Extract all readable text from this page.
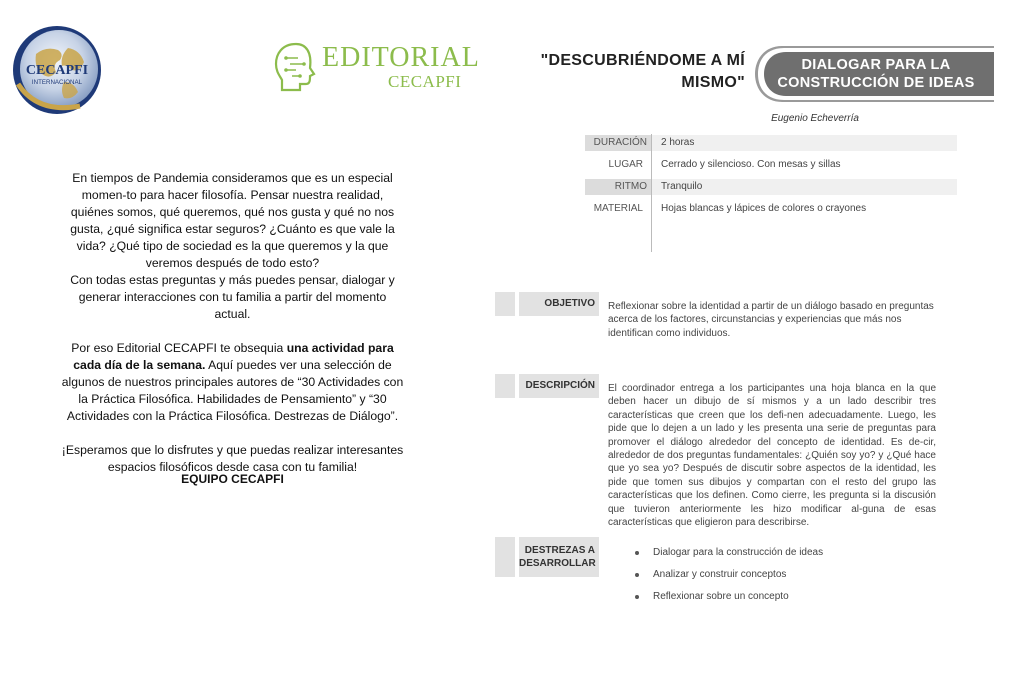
CECAPFI
INTERNACIONAL
EDITORIAL
CECAPFI

En tiempos de Pandemia consideramos que es un especial momen-to para hacer filosofía. Pensar nuestra realidad, quiénes somos, qué queremos, qué nos gusta y qué no nos gusta, ¿qué significa estar seguros? ¿Cuánto es que vale la vida? ¿Qué tipo de sociedad es la que queremos y la que veremos después de todo esto?

Con todas estas preguntas y más puedes pensar, dialogar y generar interacciones con tu familia a partir del momento actual.

Por eso Editorial CECAPFI te obsequia una actividad para cada día de la semana. Aquí puedes ver una selección de algunos de nuestros principales autores de “30 Actividades con la Práctica Filosófica. Habilidades de Pensamiento” y “30 Actividades con la Práctica Filosófica. Destrezas de Diálogo”.

¡Esperamos que lo disfrutes y que puedas realizar interesantes espacios filosóficos desde casa con tu familia!

EQUIPO CECAPFI
"DESCUBRIÉNDOME A MÍ
MISMO"
DIALOGAR PARA LA
CONSTRUCCIÓN DE IDEAS
Eugenio Echeverría
DURACIÓN	2 horas
LUGAR	Cerrado y silencioso. Con mesas y sillas
RITMO	Tranquilo
MATERIAL	Hojas blancas y lápices de colores o crayones
OBJETIVO	Reflexionar sobre la identidad a partir de un diálogo basado en preguntas acerca de los factores, circunstancias y experiencias que más nos identifican como individuos.
DESCRIPCIÓN	El coordinador entrega a los participantes una hoja blanca en la que deben hacer un dibujo de sí mismos y a un lado describir tres características que creen que los defi-nen adecuadamente. Luego, les pide que lo dejen a un lado y les presenta una serie de preguntas para promover el diálogo alrededor del concepto de identidad. Es de-cir, alrededor de dos preguntas fundamentales: ¿Quién soy yo? y ¿Qué hace que yo sea yo? Después de discutir sobre aspectos de la identidad, les pide que tomen sus dibujos y compartan con el resto del grupo las características que los definen. Como cierre, les pregunta si la discusión que tuvieron anteriormente les hizo modificar al-guna de esas características que eligieron para describirse.
DESTREZAS A
DESARROLLAR
Dialogar para la construcción de ideas
Analizar y construir conceptos
Reflexionar sobre un concepto
